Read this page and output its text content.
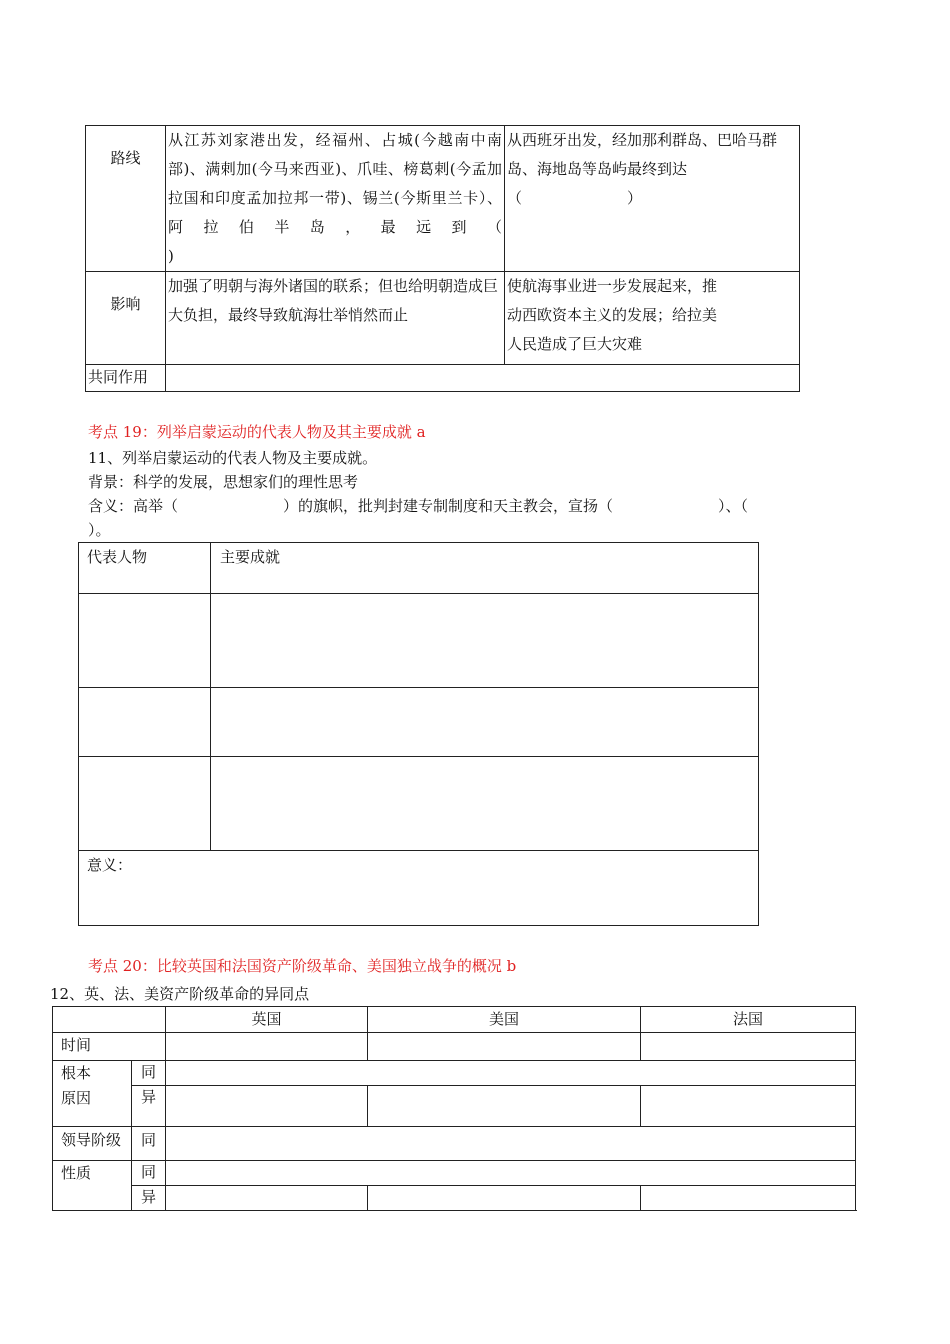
路线	从江苏刘家港出发，经福州、占城(今越南中南部)、满剌加(今马来西亚)、爪哇、榜葛剌(今孟加拉国和印度孟加拉邦一带)、锡兰(今斯里兰卡）、阿拉伯半岛，最远到（
)	从西班牙出发，经加那利群岛、巴哈马群岛、海地岛等岛屿最终到达（　　　　　　　）

影响	加强了明朝与海外诸国的联系；但也给明朝造成巨大负担，最终导致航海壮举悄然而止	使航海事业进一步发展起来，推动西欧资本主义的发展；给拉美人民造成了巨大灾难

共同作用		
考点 19：列举启蒙运动的代表人物及其主要成就 a
11、列举启蒙运动的代表人物及主要成就。
背景：科学的发展，思想家们的理性思考
含义：高举（　　　　　　　）的旗帜，批判封建专制制度和天主教会，宣扬（　　　　　　　）、（
）。
代表人物	主要成就

意义：	
考点 20：比较英国和法国资产阶级革命、美国独立战争的概况 b
12、英、法、美资产阶级革命的异同点
		英国	美国	法国
时间				

根本
原因	同			
	异			
领导阶级	同			
性质	同			
	异			
